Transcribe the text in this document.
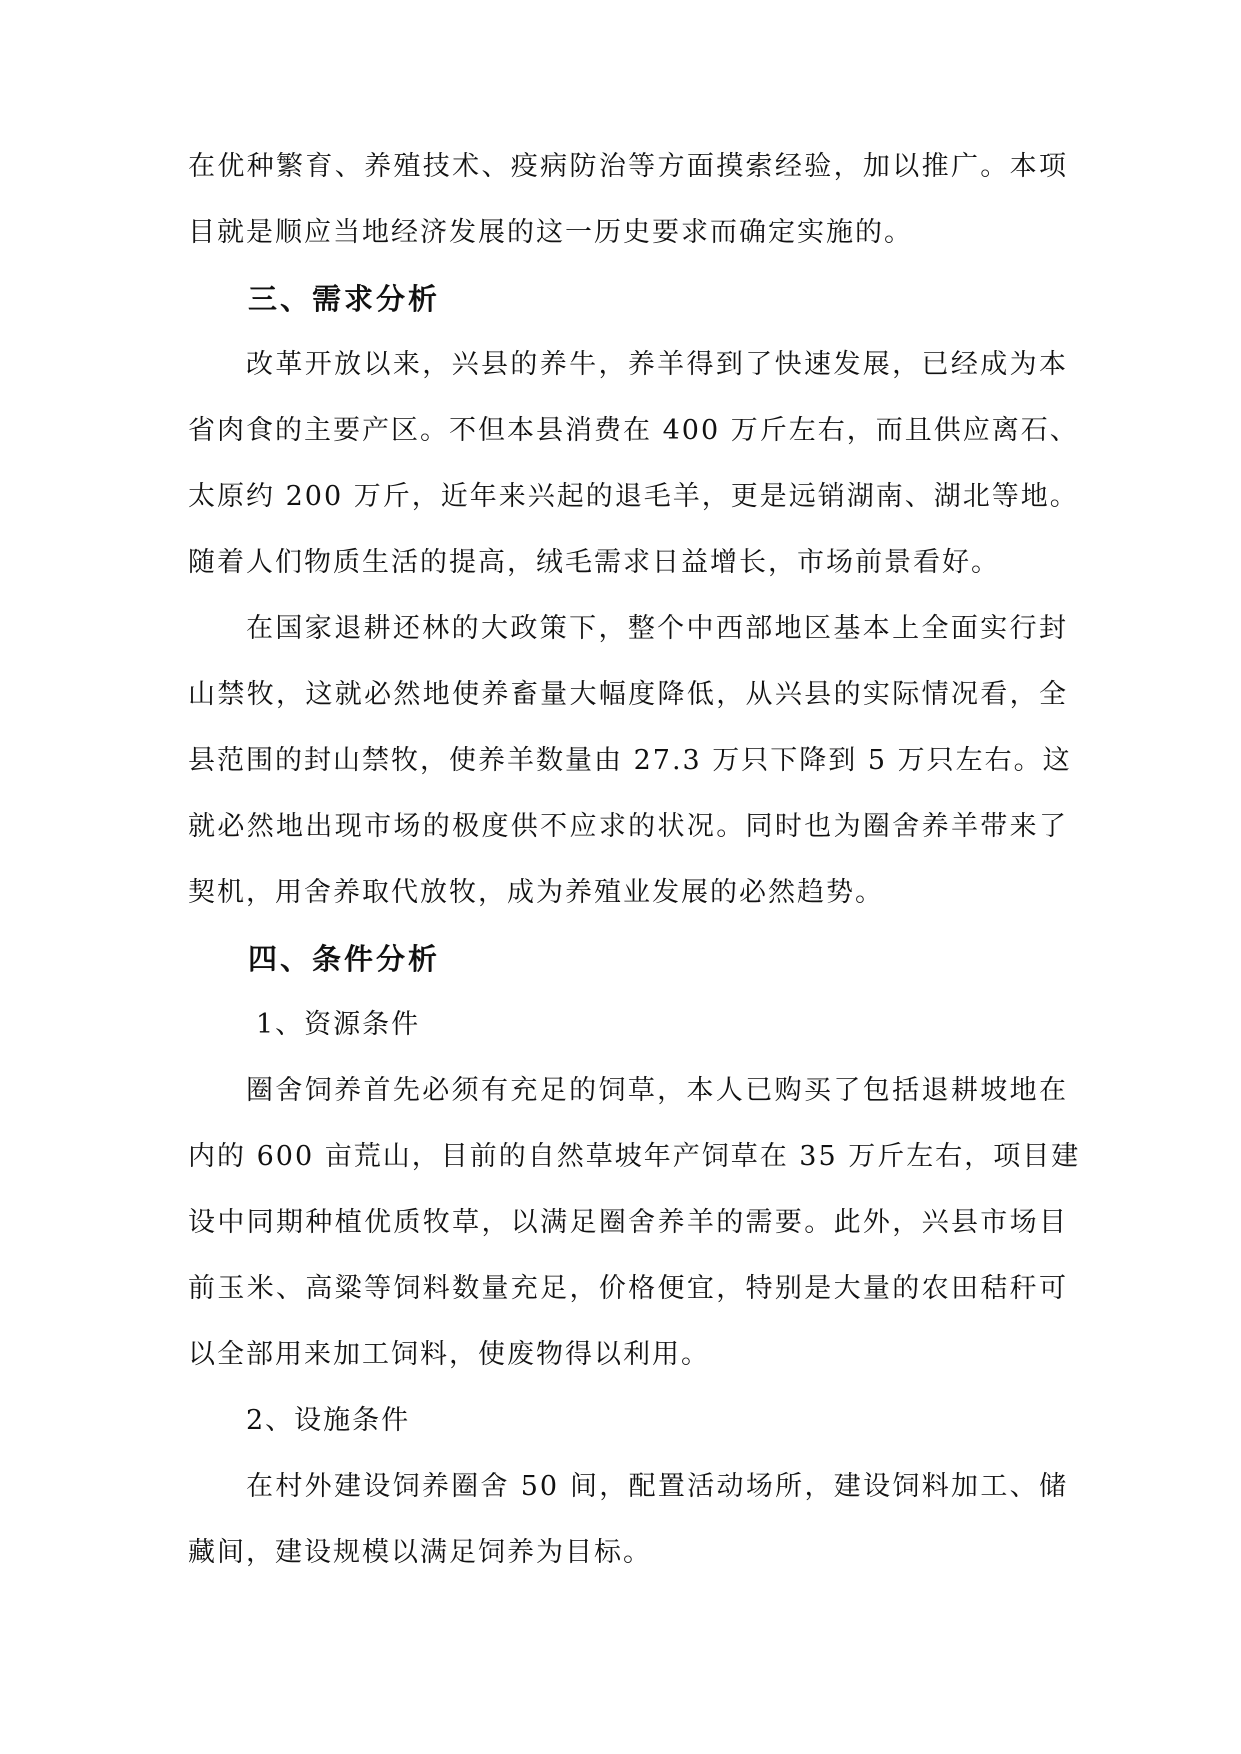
在优种繁育、养殖技术、疫病防治等方面摸索经验，加以推广。本项
目就是顺应当地经济发展的这一历史要求而确定实施的。
三、需求分析
改革开放以来，兴县的养牛，养羊得到了快速发展，已经成为本
省肉食的主要产区。不但本县消费在 400 万斤左右，而且供应离石、
太原约 200 万斤，近年来兴起的退毛羊，更是远销湖南、湖北等地。
随着人们物质生活的提高，绒毛需求日益增长，市场前景看好。
在国家退耕还林的大政策下，整个中西部地区基本上全面实行封
山禁牧，这就必然地使养畜量大幅度降低，从兴县的实际情况看，全
县范围的封山禁牧，使养羊数量由 27.3 万只下降到 5 万只左右。这
就必然地出现市场的极度供不应求的状况。同时也为圈舍养羊带来了
契机，用舍养取代放牧，成为养殖业发展的必然趋势。
四、条件分析
1、资源条件
圈舍饲养首先必须有充足的饲草，本人已购买了包括退耕坡地在
内的 600 亩荒山，目前的自然草坡年产饲草在 35 万斤左右，项目建
设中同期种植优质牧草，以满足圈舍养羊的需要。此外，兴县市场目
前玉米、高粱等饲料数量充足，价格便宜，特别是大量的农田秸秆可
以全部用来加工饲料，使废物得以利用。
2、设施条件
在村外建设饲养圈舍 50 间，配置活动场所，建设饲料加工、储
藏间，建设规模以满足饲养为目标。
